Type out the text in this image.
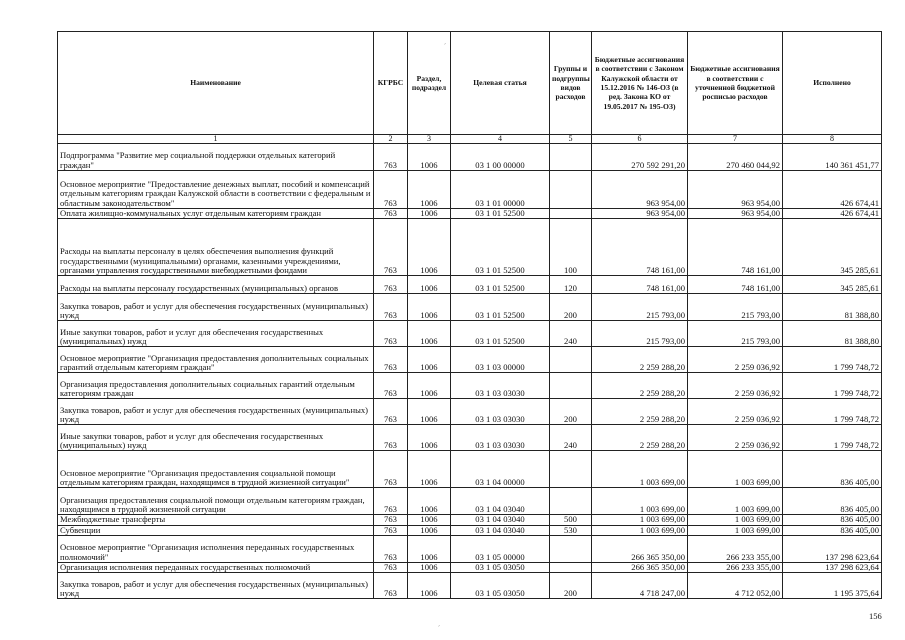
Наименование	КГРБС	Раздел, подраздел	Целевая статья	Группы и подгруппы видов расходов	Бюджетные ассигнования в соответствии с Законом Калужской области от 15.12.2016 № 146-ОЗ (в ред. Закона КО от 19.05.2017 № 195-ОЗ)	Бюджетные ассигнования в соответствии с уточненной бюджетной росписью расходов	Исполнено
1	2	3	4	5	6	7	8
Подпрограмма "Развитие мер социальной поддержки отдельных категорий граждан"	763	1006	03 1 00 00000		270 592 291,20	270 460 044,92	140 361 451,77
Основное мероприятие "Предоставление денежных выплат, пособий и компенсаций отдельным категориям граждан Калужской области в соответствии с федеральным и областным законодательством"	763	1006	03 1 01 00000		963 954,00	963 954,00	426 674,41
Оплата жилищно-коммунальных услуг отдельным категориям граждан	763	1006	03 1 01 52500		963 954,00	963 954,00	426 674,41
Расходы на выплаты персоналу в целях обеспечения выполнения функций государственными (муниципальными) органами, казенными учреждениями, органами управления государственными внебюджетными фондами	763	1006	03 1 01 52500	100	748 161,00	748 161,00	345 285,61
Расходы на выплаты персоналу государственных (муниципальных) органов	763	1006	03 1 01 52500	120	748 161,00	748 161,00	345 285,61
Закупка товаров, работ и услуг для обеспечения государственных (муниципальных) нужд	763	1006	03 1 01 52500	200	215 793,00	215 793,00	81 388,80
Иные закупки товаров, работ и услуг для обеспечения государственных (муниципальных) нужд	763	1006	03 1 01 52500	240	215 793,00	215 793,00	81 388,80
Основное мероприятие "Организация предоставления дополнительных социальных гарантий отдельным категориям граждан"	763	1006	03 1 03 00000		2 259 288,20	2 259 036,92	1 799 748,72
Организация предоставления дополнительных социальных гарантий отдельным категориям граждан	763	1006	03 1 03 03030		2 259 288,20	2 259 036,92	1 799 748,72
Закупка товаров, работ и услуг для обеспечения государственных (муниципальных) нужд	763	1006	03 1 03 03030	200	2 259 288,20	2 259 036,92	1 799 748,72
Иные закупки товаров, работ и услуг для обеспечения государственных (муниципальных) нужд	763	1006	03 1 03 03030	240	2 259 288,20	2 259 036,92	1 799 748,72
Основное мероприятие "Организация предоставления социальной помощи отдельным категориям граждан, находящимся в трудной жизненной ситуации"	763	1006	03 1 04 00000		1 003 699,00	1 003 699,00	836 405,00
Организация предоставления социальной помощи отдельным категориям граждан, находящимся в трудной жизненной ситуации	763	1006	03 1 04 03040		1 003 699,00	1 003 699,00	836 405,00
Межбюджетные трансферты	763	1006	03 1 04 03040	500	1 003 699,00	1 003 699,00	836 405,00
Субвенции	763	1006	03 1 04 03040	530	1 003 699,00	1 003 699,00	836 405,00
Основное мероприятие "Организация исполнения переданных государственных полномочий"	763	1006	03 1 05 00000		266 365 350,00	266 233 355,00	137 298 623,64
Организация исполнения переданных государственных полномочий	763	1006	03 1 05 03050		266 365 350,00	266 233 355,00	137 298 623,64
Закупка товаров, работ и услуг для обеспечения государственных (муниципальных) нужд	763	1006	03 1 05 03050	200	4 718 247,00	4 712 052,00	1 195 375,64
ˊ
ˊ
156
